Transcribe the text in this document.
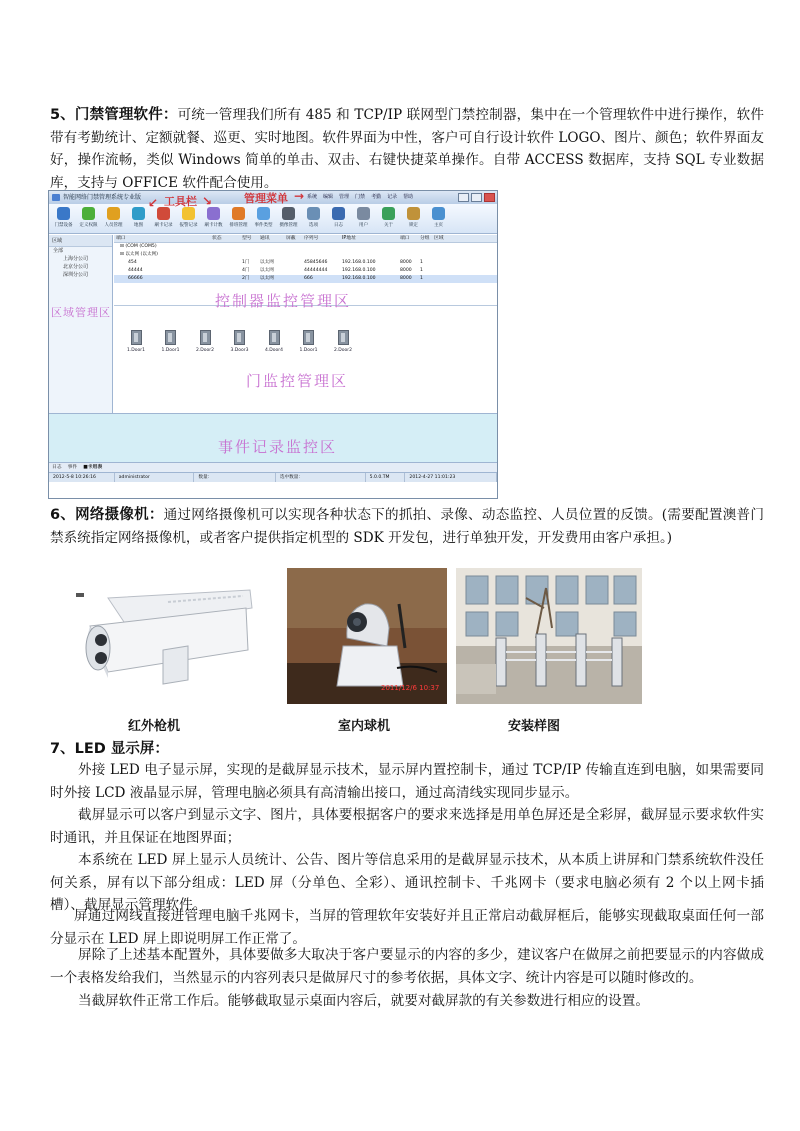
5、门禁管理软件：可统一管理我们所有 485 和 TCP/IP 联网型门禁控制器，集中在一个管理软件中进行操作，软件带有考勤统计、定额就餐、巡更、实时地图。软件界面为中性，客户可自行设计软件 LOGO、图片、颜色；软件界面友好，操作流畅，类似 Windows 简单的单击、双击、右键快捷菜单操作。自带 ACCESS 数据库，支持 SQL 专业数据库，支持与 OFFICE 软件配合使用。
智能网络门禁管理系统专业版	系统 编辑 管理 门禁 考勤 记录 帮助
门禁设备	定义权限	人员管理	地图	刷卡记录	报警记录	刷卡计数	排班管理	事件类型	摄像管理	选项	日志	用户	关于	锁定	主页
区域
全部
上海分公司
北京分公司
深圳分公司
端口	状态	型号	通讯	屏蔽	序列号	IP地址	端口	分组 区域
⊟ (COM (COM5)
⊟ 以太网 (以太网)
454	1门	以太网	45845646	192.168.0.100	8000	1
44444	4门	以太网	44444444	192.168.0.100	8000	1
66666	2门	以太网	666	192.168.0.100	8000	1
1.Door1	1.Door1	2.Door2	3.Door3	4.Door4	1.Door1	2.Door2
日志 事件 ■卡用表
2012-5-8 10:26:16	administrator	数量：	选中数量：	5.0.0.TM	2012-4-27 11:01:23
工具栏	管理菜单
↙	↘	→
区域管理区
控制器监控管理区
门监控管理区
事件记录监控区
6、网络摄像机：通过网络摄像机可以实现各种状态下的抓拍、录像、动态监控、人员位置的反馈。(需要配置澳普门禁系统指定网络摄像机，或者客户提供指定机型的 SDK 开发包，进行单独开发，开发费用由客户承担。)
2011/12/6 10:37
红外枪机	室内球机	安装样图
7、LED 显示屏：
外接 LED 电子显示屏，实现的是截屏显示技术，显示屏内置控制卡，通过 TCP/IP 传输直连到电脑，如果需要同时外接 LCD 液晶显示屏，管理电脑必须具有高清输出接口，通过高清线实现同步显示。
截屏显示可以客户到显示文字、图片，具体要根据客户的要求来选择是用单色屏还是全彩屏，截屏显示要求软件实时通讯，并且保证在地图界面；
本系统在 LED 屏上显示人员统计、公告、图片等信息采用的是截屏显示技术，从本质上讲屏和门禁系统软件没任何关系，屏有以下部分组成：LED 屏（分单色、全彩）、通讯控制卡、千兆网卡（要求电脑必须有 2 个以上网卡插槽）、截屏显示管理软件。
屏通过网线直接进管理电脑千兆网卡，当屏的管理软年安装好并且正常启动截屏框后，能够实现截取桌面任何一部分显示在 LED 屏上即说明屏工作正常了。
屏除了上述基本配置外，具体要做多大取决于客户要显示的内容的多少，建议客户在做屏之前把要显示的内容做成一个表格发给我们，当然显示的内容列表只是做屏尺寸的参考依据，具体文字、统计内容是可以随时修改的。
当截屏软件正常工作后。能够截取显示桌面内容后，就要对截屏款的有关参数进行相应的设置。
